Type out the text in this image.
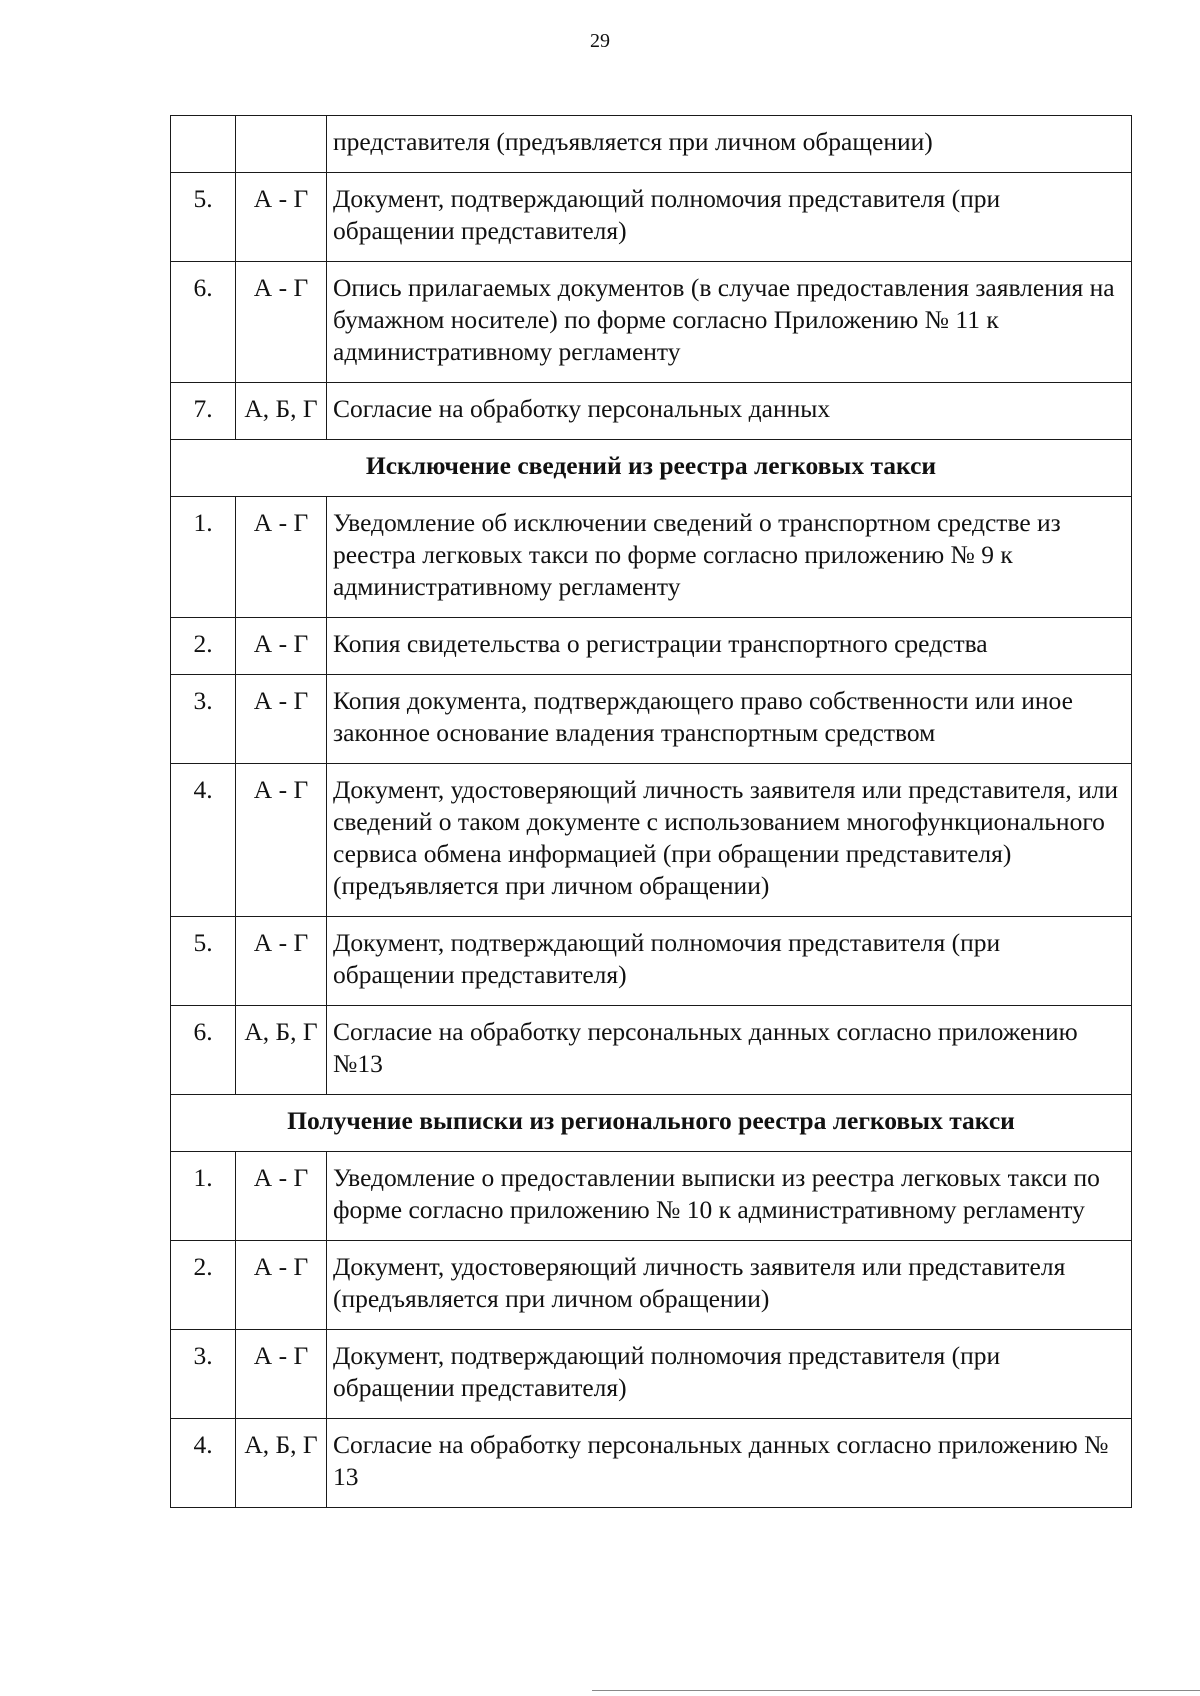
29
		представителя (предъявляется при личном обращении)
5.	А - Г	Документ, подтверждающий полномочия представителя (при обращении представителя)
6.	А - Г	Опись прилагаемых документов (в случае предоставления заявления на бумажном носителе) по форме согласно Приложению № 11 к административному регламенту
7.	А, Б, Г	Согласие на обработку персональных данных
Исключение сведений из реестра легковых такси		
1.	А - Г	Уведомление об исключении сведений о транспортном средстве из реестра легковых такси по форме согласно приложению № 9 к административному регламенту
2.	А - Г	Копия свидетельства о регистрации транспортного средства
3.	А - Г	Копия документа, подтверждающего право собственности или иное законное основание владения транспортным средством
4.	А - Г	Документ, удостоверяющий личность заявителя или представителя, или сведений о таком документе с использованием многофункционального сервиса обмена информацией (при обращении представителя) (предъявляется при личном обращении)
5.	А - Г	Документ, подтверждающий полномочия представителя (при обращении представителя)
6.	А, Б, Г	Согласие на обработку персональных данных согласно приложению №13
Получение выписки из регионального реестра легковых такси		
1.	А - Г	Уведомление о предоставлении выписки из реестра легковых такси по форме согласно приложению № 10 к административному регламенту
2.	А - Г	Документ, удостоверяющий личность заявителя или представителя (предъявляется при личном обращении)
3.	А - Г	Документ, подтверждающий полномочия представителя (при обращении представителя)
4.	А, Б, Г	Согласие на обработку персональных данных согласно приложению № 13
